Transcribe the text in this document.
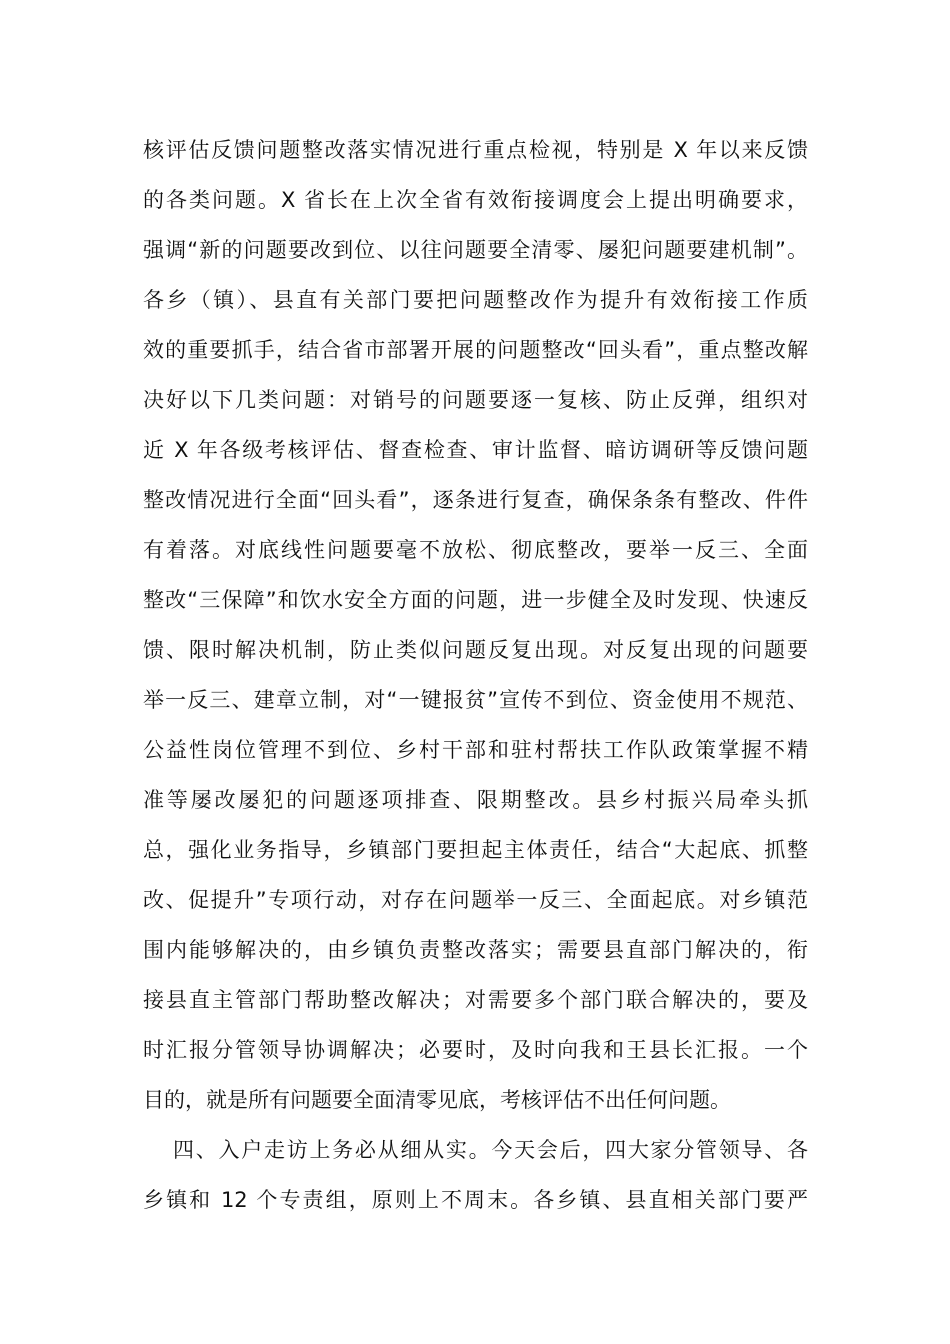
核评估反馈问题整改落实情况进行重点检视，特别是 X 年以来反馈
的各类问题。X 省长在上次全省有效衔接调度会上提出明确要求，
强调“新的问题要改到位、以往问题要全清零、屡犯问题要建机制”。
各乡（镇）、县直有关部门要把问题整改作为提升有效衔接工作质
效的重要抓手，结合省市部署开展的问题整改“回头看”，重点整改解
决好以下几类问题：对销号的问题要逐一复核、防止反弹，组织对
近 X 年各级考核评估、督查检查、审计监督、暗访调研等反馈问题
整改情况进行全面“回头看”，逐条进行复查，确保条条有整改、件件
有着落。对底线性问题要毫不放松、彻底整改，要举一反三、全面
整改“三保障”和饮水安全方面的问题，进一步健全及时发现、快速反
馈、限时解决机制，防止类似问题反复出现。对反复出现的问题要
举一反三、建章立制，对“一键报贫”宣传不到位、资金使用不规范、
公益性岗位管理不到位、乡村干部和驻村帮扶工作队政策掌握不精
准等屡改屡犯的问题逐项排查、限期整改。县乡村振兴局牵头抓
总，强化业务指导，乡镇部门要担起主体责任，结合“大起底、抓整
改、促提升”专项行动，对存在问题举一反三、全面起底。对乡镇范
围内能够解决的，由乡镇负责整改落实；需要县直部门解决的，衔
接县直主管部门帮助整改解决；对需要多个部门联合解决的，要及
时汇报分管领导协调解决；必要时，及时向我和王县长汇报。一个
目的，就是所有问题要全面清零见底，考核评估不出任何问题。
四、入户走访上务必从细从实。今天会后，四大家分管领导、各
乡镇和 12 个专责组，原则上不周末。各乡镇、县直相关部门要严
